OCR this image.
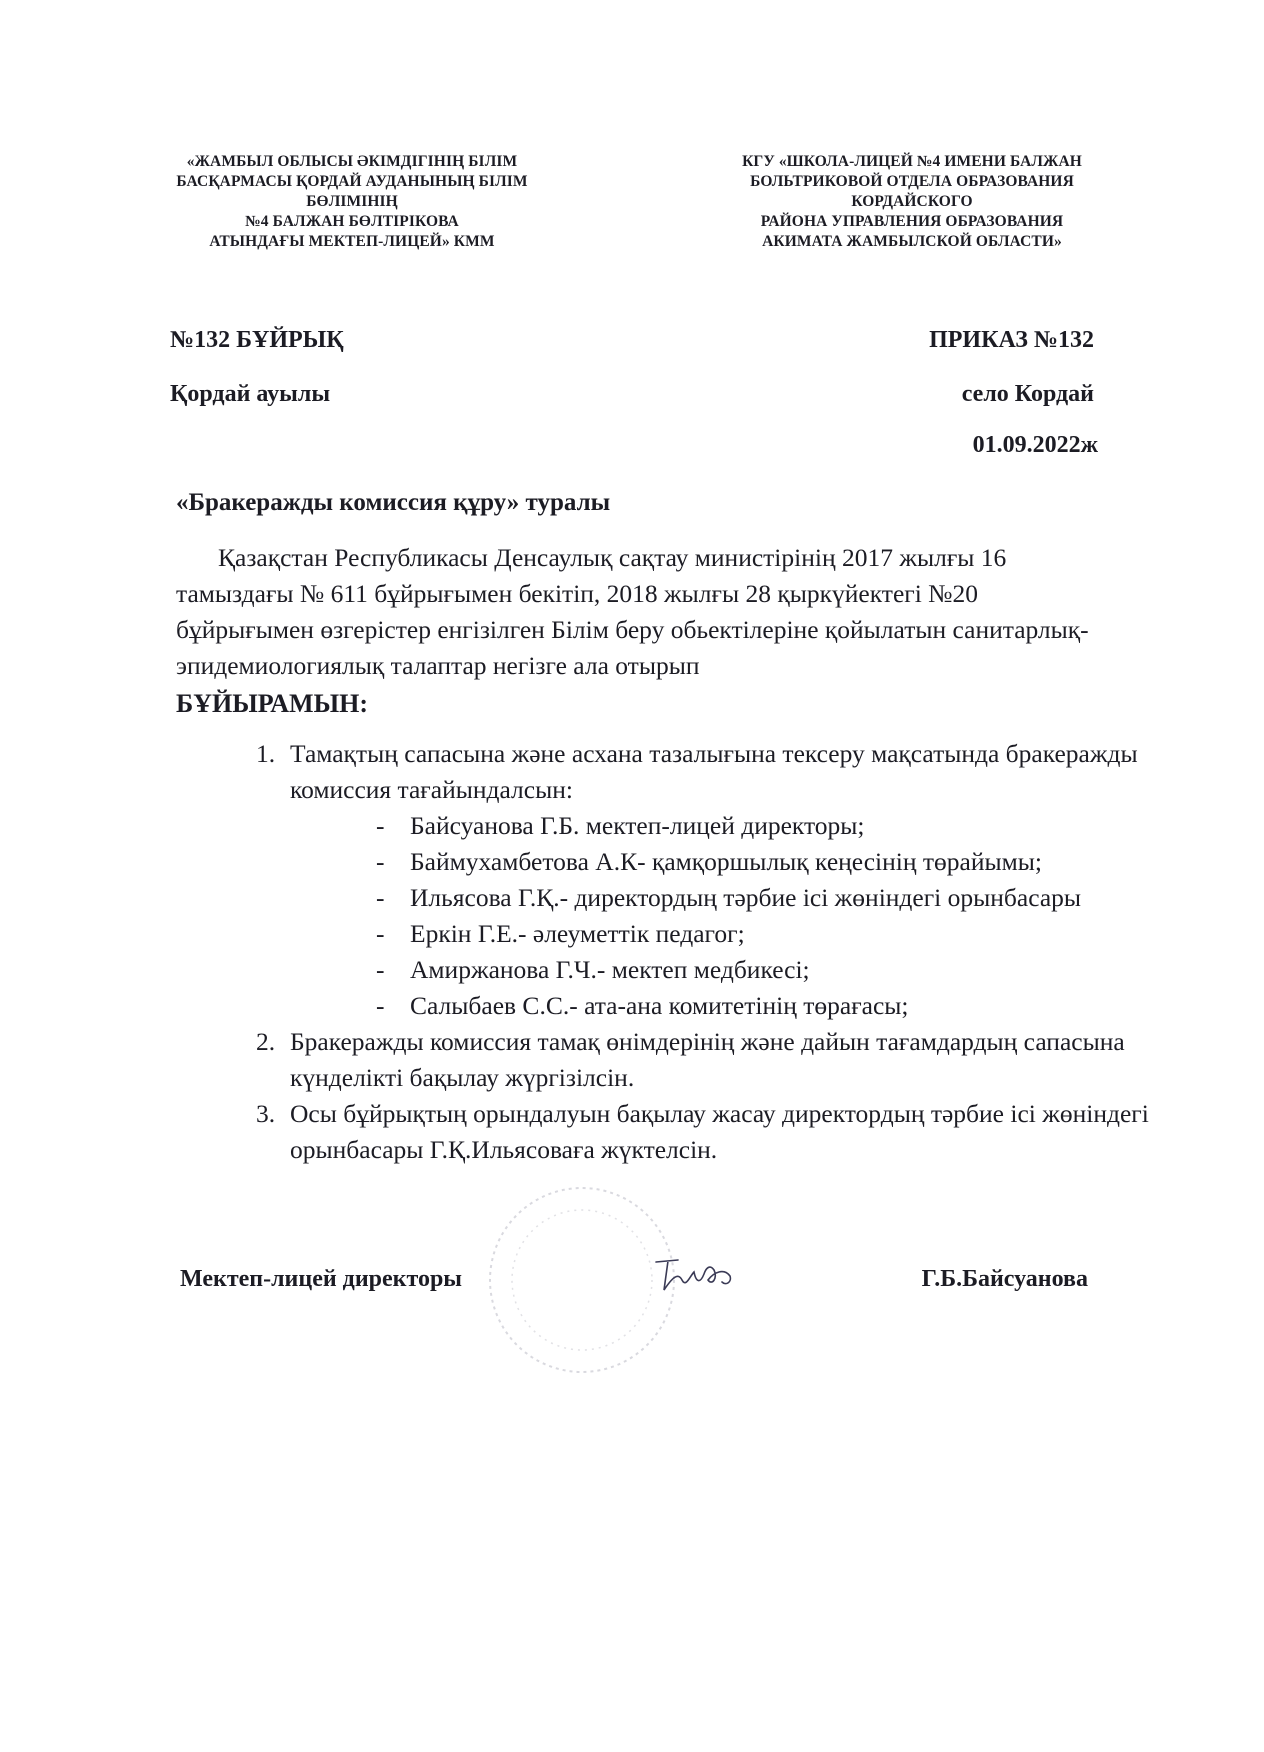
«ЖАМБЫЛ ОБЛЫСЫ ӘКІМДІГІНІҢ БІЛІМ
БАСҚАРМАСЫ ҚОРДАЙ АУДАНЫНЫҢ БІЛІМ
БӨЛІМІНІҢ
№4 БАЛЖАН БӨЛТІРІКОВА
АТЫНДАҒЫ МЕКТЕП-ЛИЦЕЙ» КММ
КГУ «ШКОЛА-ЛИЦЕЙ №4 ИМЕНИ БАЛЖАН
БОЛЬТРИКОВОЙ ОТДЕЛА ОБРАЗОВАНИЯ
КОРДАЙСКОГО
РАЙОНА УПРАВЛЕНИЯ ОБРАЗОВАНИЯ
АКИМАТА ЖАМБЫЛСКОЙ ОБЛАСТИ»
№132 БҰЙРЫҚ	ПРИКАЗ №132
Қордай ауылы	село Кордай
01.09.2022ж
«Бракеражды комиссия құру» туралы
Қазақстан Республикасы Денсаулық сақтау министірінің 2017 жылғы 16 тамыздағы № 611 бұйрығымен бекітіп, 2018 жылғы 28 қыркүйектегі №20 бұйрығымен өзгерістер енгізілген Білім беру обьектілеріне қойылатын санитарлық- эпидемиологиялық талаптар негізге ала отырып
БҰЙЫРАМЫН:
1. Тамақтың сапасына және асхана тазалығына тексеру мақсатында бракеражды комиссия тағайындалсын:
- Байсуанова Г.Б. мектеп-лицей директоры;
- Баймухамбетова А.К- қамқоршылық кеңесінің төрайымы;
- Ильясова Г.Қ.- директордың тәрбие ісі жөніндегі орынбасары
- Еркін Г.Е.- әлеуметтік педагог;
- Амиржанова Г.Ч.- мектеп медбикесі;
- Салыбаев С.С.- ата-ана комитетінің төрағасы;
2. Бракеражды комиссия тамақ өнімдерінің және дайын тағамдардың сапасына күнделікті бақылау жүргізілсін.
3. Осы бұйрықтың орындалуын бақылау жасау директордың тәрбие ісі жөніндегі орынбасары Г.Қ.Ильясоваға жүктелсін.
Мектеп-лицей директоры	Г.Б.Байсуанова
